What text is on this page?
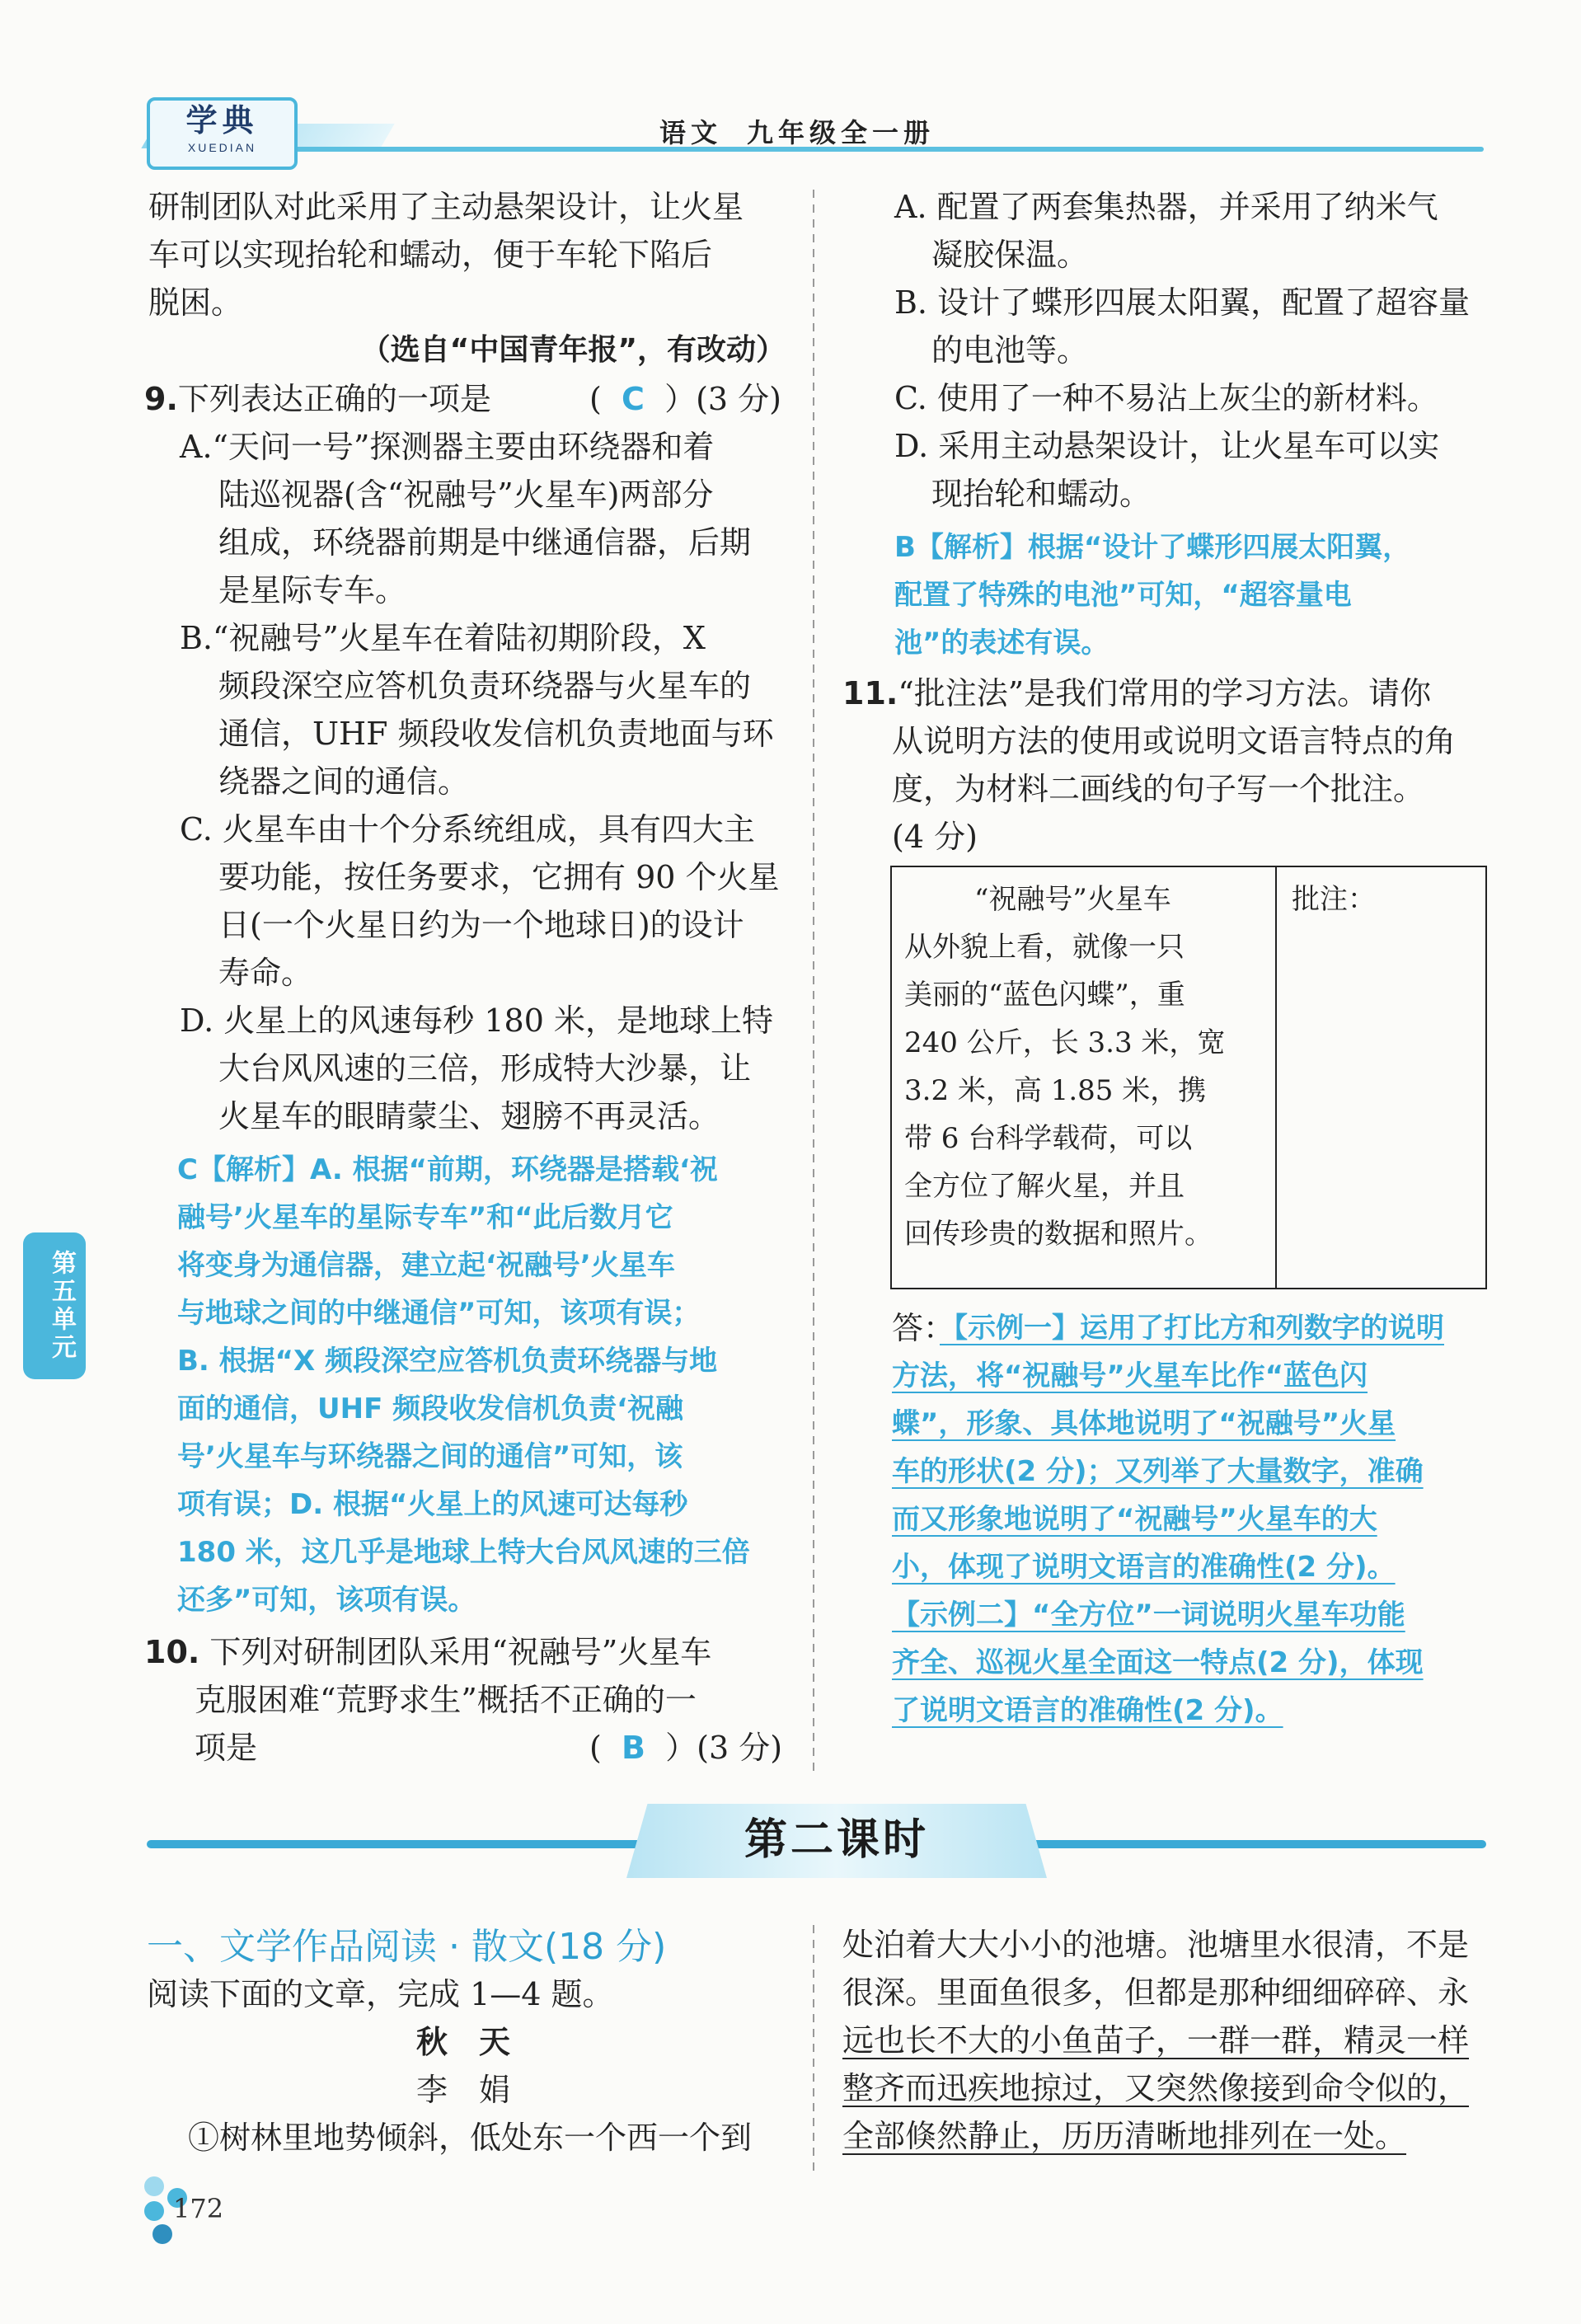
学典
XUEDIAN	语文 九年级全一册
研制团队对此采用了主动悬架设计，让火星
车可以实现抬轮和蠕动，便于车轮下陷后
脱困。
（选自“中国青年报”，有改动）
9.下列表达正确的一项是	( C ）(3 分)
A.“天问一号”探测器主要由环绕器和着
陆巡视器(含“祝融号”火星车)两部分
组成，环绕器前期是中继通信器，后期
是星际专车。
B.“祝融号”火星车在着陆初期阶段，X
频段深空应答机负责环绕器与火星车的
通信，UHF 频段收发信机负责地面与环
绕器之间的通信。
C. 火星车由十个分系统组成，具有四大主
要功能，按任务要求，它拥有 90 个火星
日(一个火星日约为一个地球日)的设计
寿命。
D. 火星上的风速每秒 180 米，是地球上特
大台风风速的三倍，形成特大沙暴，让
火星车的眼睛蒙尘、翅膀不再灵活。
C【解析】A. 根据“前期，环绕器是搭载‘祝
融号’火星车的星际专车”和“此后数月它
将变身为通信器，建立起‘祝融号’火星车
与地球之间的中继通信”可知，该项有误；
B. 根据“X 频段深空应答机负责环绕器与地
面的通信，UHF 频段收发信机负责‘祝融
号’火星车与环绕器之间的通信”可知，该
项有误；D. 根据“火星上的风速可达每秒
180 米，这几乎是地球上特大台风风速的三倍
还多”可知，该项有误。
10. 下列对研制团队采用“祝融号”火星车
克服困难“荒野求生”概括不正确的一
项是	( B ）(3 分)
A. 配置了两套集热器，并采用了纳米气
凝胶保温。
B. 设计了蝶形四展太阳翼，配置了超容量
的电池等。
C. 使用了一种不易沾上灰尘的新材料。
D. 采用主动悬架设计，让火星车可以实
现抬轮和蠕动。
B【解析】根据“设计了蝶形四展太阳翼，
配置了特殊的电池”可知，“超容量电
池”的表述有误。
11.“批注法”是我们常用的学习方法。请你
从说明方法的使用或说明文语言特点的角
度，为材料二画线的句子写一个批注。
(4 分)
“祝融号”火星车
从外貌上看，就像一只
美丽的“蓝色闪蝶”，重
240 公斤，长 3.3 米，宽
3.2 米，高 1.85 米，携
带 6 台科学载荷，可以
全方位了解火星，并且
回传珍贵的数据和照片。
批注：
答：
【示例一】运用了打比方和列数字的说明
方法，将“祝融号”火星车比作“蓝色闪
蝶”，形象、具体地说明了“祝融号”火星
车的形状(2 分)；又列举了大量数字，准确
而又形象地说明了“祝融号”火星车的大
小，体现了说明文语言的准确性(2 分)。
【示例二】“全方位”一词说明火星车功能
齐全、巡视火星全面这一特点(2 分)，体现
了说明文语言的准确性(2 分)。
第五单元
第二课时
一、文学作品阅读 · 散文(18 分)
阅读下面的文章，完成 1—4 题。
秋　天
李　娟
①树林里地势倾斜，低处东一个西一个到
处泊着大大小小的池塘。池塘里水很清，不是
很深。里面鱼很多，但都是那种细细碎碎、永
远也长不大的小鱼苗子，一群一群，精灵一样
整齐而迅疾地掠过，又突然像接到命令似的，
全部倏然静止，历历清晰地排列在一处。
172
